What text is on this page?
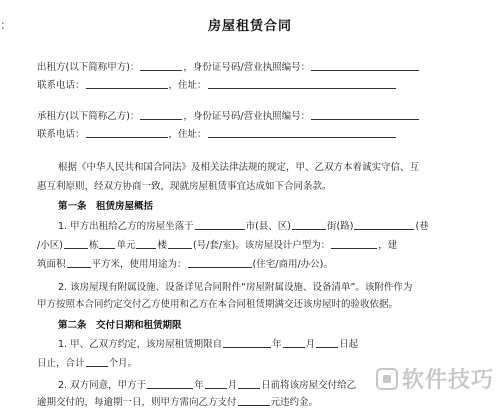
：	房屋租赁合同
出租方(以下简称甲方)：	，身份证号码/营业执照编号：
联系电话：	，住址：
承租方(以下简称乙方)：	，身份证号码/营业执照编号：
联系电话：	，住址：
根据《中华人民共和国合同法》及相关法律法规的规定，甲、乙双方本着诚实守信、互
惠互利原则，经双方协商一致，现就房屋租赁事宜达成如下合同条款。
第一条　租赁房屋概括
1. 甲方出租给乙方的房屋坐落于	市(县、区)	街(路)	(巷
/小区)	栋 单元 楼	(号/套/室)。该房屋设计户型为：	，建
筑面积	平方米，使用用途为：	(住宅/商用/办公)。
2. 该房屋现有附属设施、设备详见合同附件“房屋附属设施、设备清单”。该附件作为
甲方按照本合同约定交付乙方使用和乙方在本合同租赁期满交还该房屋时的验收依据。
第二条　交付日期和租赁期限
1. 甲、乙双方约定，该房屋租赁期限自	年	月	日起
日止，合计	个月。
2. 双方同意，甲方于	年	月	日前将该房屋交付给乙
逾期交付的，每逾期一日，则甲方需向乙方支付	元违约金。
软件技巧
